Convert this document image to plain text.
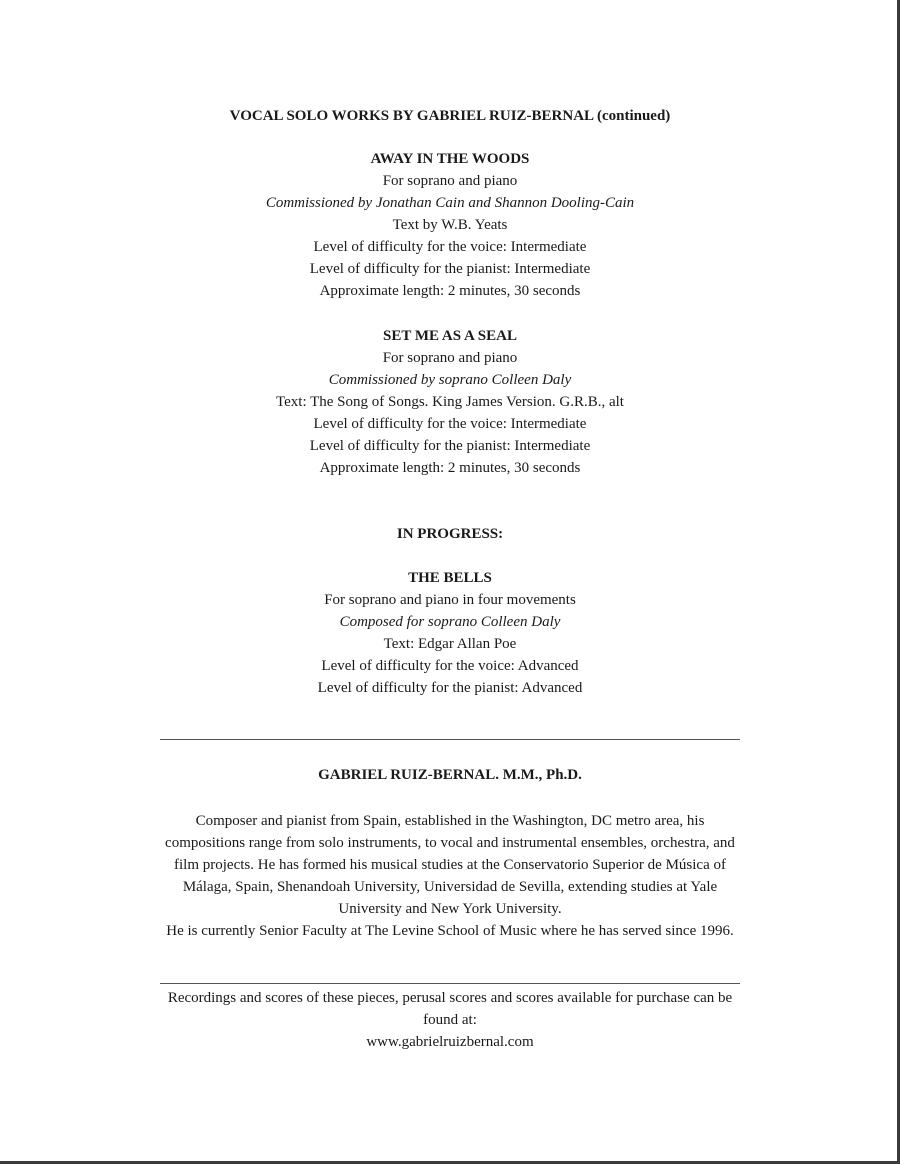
VOCAL SOLO WORKS BY GABRIEL RUIZ-BERNAL (continued)
AWAY IN THE WOODS
For soprano and piano
Commissioned by Jonathan Cain and Shannon Dooling-Cain
Text by W.B. Yeats
Level of difficulty for the voice: Intermediate
Level of difficulty for the pianist: Intermediate
Approximate length: 2 minutes, 30 seconds
SET ME AS A SEAL
For soprano and piano
Commissioned by soprano Colleen Daly
Text: The Song of Songs. King James Version. G.R.B., alt
Level of difficulty for the voice: Intermediate
Level of difficulty for the pianist: Intermediate
Approximate length: 2 minutes, 30 seconds
IN PROGRESS:
THE BELLS
For soprano and piano in four movements
Composed for soprano Colleen Daly
Text: Edgar Allan Poe
Level of difficulty for the voice: Advanced
Level of difficulty for the pianist: Advanced
GABRIEL RUIZ-BERNAL. M.M., Ph.D.
Composer and pianist from Spain, established in the Washington, DC metro area, his
compositions range from solo instruments, to vocal and instrumental ensembles, orchestra, and
film projects. He has formed his musical studies at the Conservatorio Superior de Música of
Málaga, Spain, Shenandoah University, Universidad de Sevilla, extending studies at Yale
University and New York University.
He is currently Senior Faculty at The Levine School of Music where he has served since 1996.
Recordings and scores of these pieces, perusal scores and scores available for purchase can be
found at:
www.gabrielruizbernal.com
